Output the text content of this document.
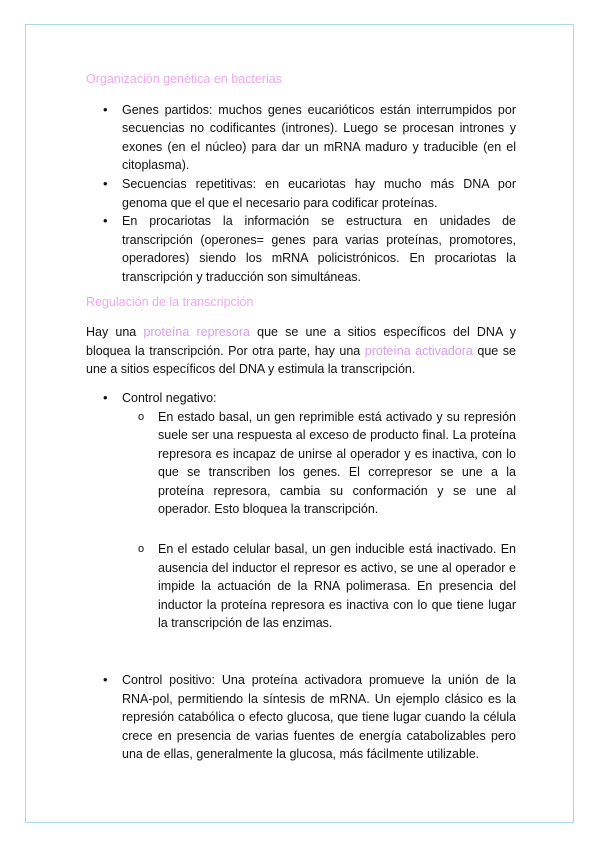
Organización genética en bacterias
• Genes partidos: muchos genes eucarióticos están interrumpidos por secuencias no codificantes (intrones). Luego se procesan intrones y exones (en el núcleo) para dar un mRNA maduro y traducible (en el citoplasma).
• Secuencias repetitivas: en eucariotas hay mucho más DNA por genoma que el que el necesario para codificar proteínas.
• En procariotas la información se estructura en unidades de transcripción (operones= genes para varias proteínas, promotores, operadores) siendo los mRNA policistrónicos. En procariotas la transcripción y traducción son simultáneas.
Regulación de la transcripción

Hay una proteína represora que se une a sitios específicos del DNA y bloquea la transcripción. Por otra parte, hay una proteína activadora que se une a sitios específicos del DNA y estimula la transcripción.

• Control negativo:
o En estado basal, un gen reprimible está activado y su represión suele ser una respuesta al exceso de producto final. La proteína represora es incapaz de unirse al operador y es inactiva, con lo que se transcriben los genes. El correpresor se une a la proteína represora, cambia su conformación y se une al operador. Esto bloquea la transcripción.
o En el estado celular basal, un gen inducible está inactivado. En ausencia del inductor el represor es activo, se une al operador e impide la actuación de la RNA polimerasa. En presencia del inductor la proteína represora es inactiva con lo que tiene lugar la transcripción de las enzimas.
• Control positivo: Una proteína activadora promueve la unión de la RNA-pol, permitiendo la síntesis de mRNA. Un ejemplo clásico es la represión catabólica o efecto glucosa, que tiene lugar cuando la célula crece en presencia de varias fuentes de energía catabolizables pero una de ellas, generalmente la glucosa, más fácilmente utilizable.
